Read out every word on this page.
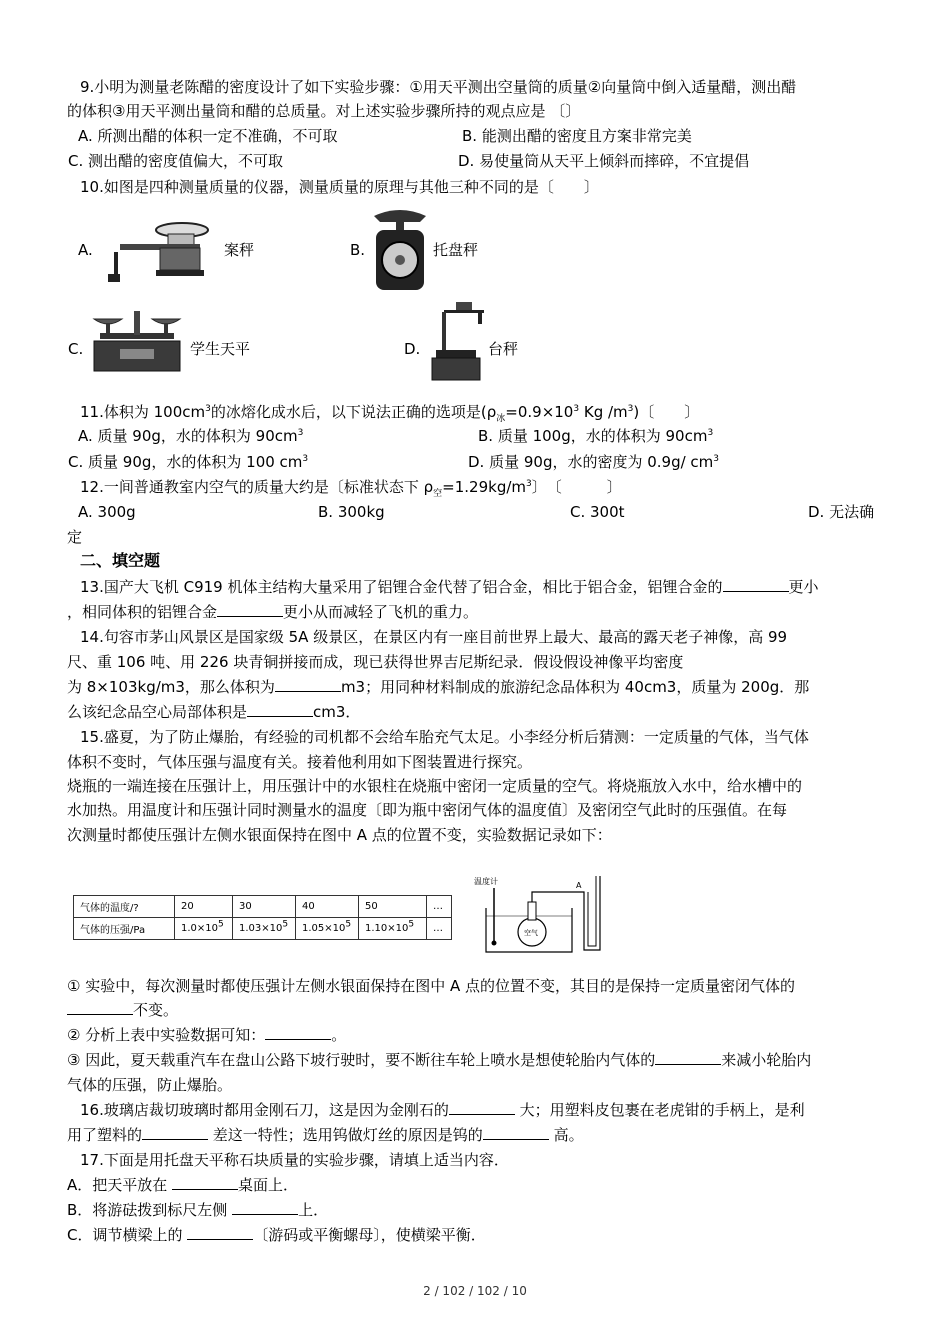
9.小明为测量老陈醋的密度设计了如下实验步骤：①用天平测出空量筒的质量②向量筒中倒入适量醋，测出醋
的体积③用天平测出量筒和醋的总质量。对上述实验步骤所持的观点应是 〔〕
A. 所测出醋的体积一定不准确，不可取	B. 能测出醋的密度且方案非常完美
C. 测出醋的密度值偏大，不可取	D. 易使量筒从天平上倾斜而摔碎，不宜提倡
10.如图是四种测量质量的仪器，测量质量的原理与其他三种不同的是〔　　〕
A.	案秤	B.	托盘秤
C.	学生天平	D.	台秤
11.体积为 $100cm^3$的冰熔化成水后，以下说法正确的选项是($\rho_冰=0.9\times 10^3$ Kg $/m^3$)〔　　〕
A. 质量 90g，水的体积为 $90cm^3$	B. 质量 100g，水的体积为 $90cm^3$
C. 质量 90g，水的体积为 100 $cm^3$	D. 质量 90g，水的密度为 0.9g/ $cm^3$
12.一间普通教室内空气的质量大约是〔标准状态下 $\rho_空=1.29kg/m^3$〕　〔　　　〕
A. 300g	B. 300kg	C. 300t	D. 无法确
定
二、填空题
13.国产大飞机 C919 机体主结构大量采用了铝锂合金代替了铝合金，相比于铝合金，铝锂合金的	更小
，相同体积的铝锂合金	更小从而减轻了飞机的重力。
14.句容市茅山风景区是国家级 5A 级景区，在景区内有一座目前世界上最大、最高的露天老子神像，高 99
尺、重 106 吨、用 226 块青铜拼接而成，现已获得世界吉尼斯纪录．假设假设神像平均密度
为 8×103kg/m3，那么体积为	m3；用同种材料制成的旅游纪念品体积为 40cm3，质量为 200g．那
么该纪念品空心局部体积是	cm3．
15.盛夏，为了防止爆胎，有经验的司机都不会给车胎充气太足。小李经分析后猜测：一定质量的气体，当气体
体积不变时，气体压强与温度有关。接着他利用如下图装置进行探究。
烧瓶的一端连接在压强计上，用压强计中的水银柱在烧瓶中密闭一定质量的空气。将烧瓶放入水中，给水槽中的
水加热。用温度计和压强计同时测量水的温度〔即为瓶中密闭气体的温度值〕及密闭空气此时的压强值。在每
次测量时都使压强计左侧水银面保持在图中 A 点的位置不变，实验数据记录如下：
气体的温度/?	20	30	40	50	…
气体的压强/Pa	1.0×105	1.03×105	1.05×105	1.10×105	…
温度计
空气
A
① 实验中，每次测量时都使压强计左侧水银面保持在图中 A 点的位置不变，其目的是保持一定质量密闭气体的
不变。
② 分析上表中实验数据可知：	。
③ 因此，夏天载重汽车在盘山公路下坡行驶时，要不断往车轮上喷水是想使轮胎内气体的	来减小轮胎内
气体的压强，防止爆胎。
16.玻璃店裁切玻璃时都用金刚石刀，这是因为金刚石的	大；用塑料皮包裹在老虎钳的手柄上，是利
用了塑料的	差这一特性；选用钨做灯丝的原因是钨的	高。
17.下面是用托盘天平称石块质量的实验步骤，请填上适当内容．
A．把天平放在	桌面上．
B．将游砝拨到标尺左侧	上．
C．调节横梁上的	〔游码或平衡螺母〕，使横梁平衡．
2 / 102 / 102 / 10
